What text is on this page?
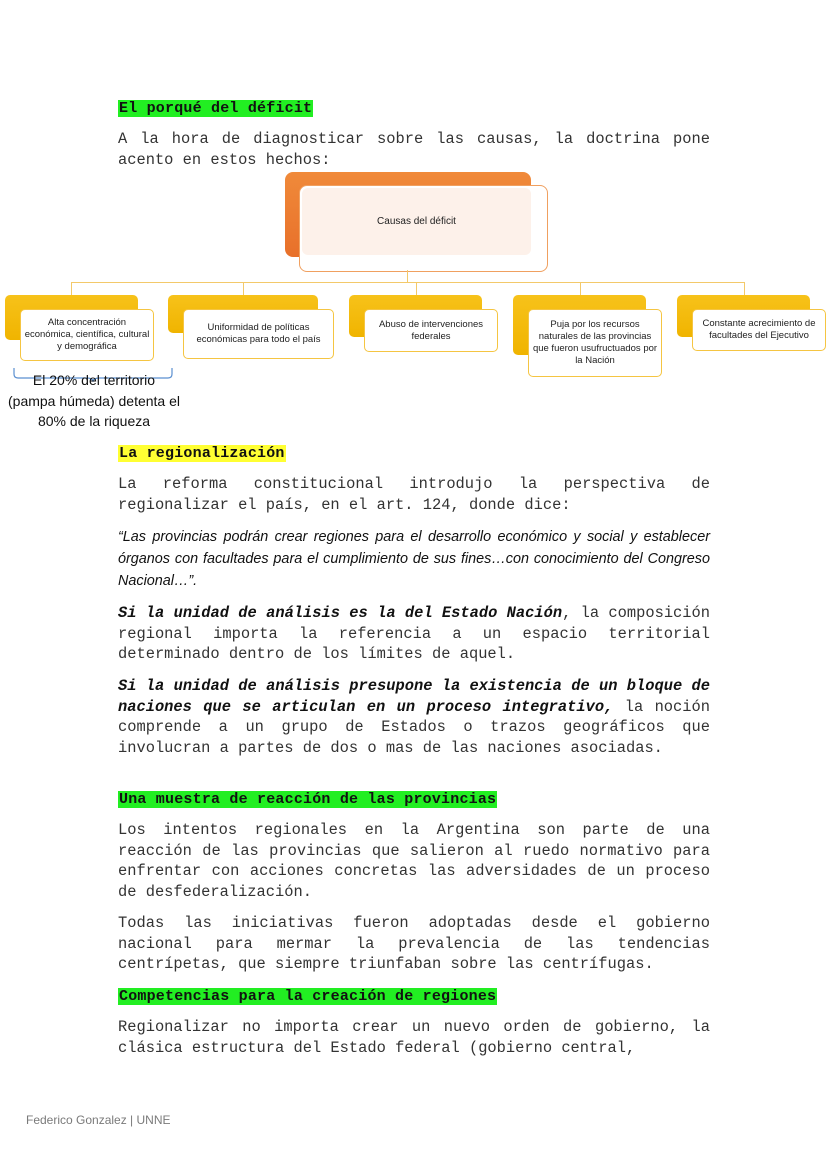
El porqué del déficit

A la hora de diagnosticar sobre las causas, la doctrina pone acento en estos hechos:

Causas del déficit
Alta concentración económica, científica, cultural y demográfica
Uniformidad de políticas económicas para todo el país
Abuso de intervenciones federales
Puja por los recursos naturales de las provincias que fueron usufructuados por la Nación
Constante acrecimiento de facultades del Ejecutivo
El 20% del territorio (pampa húmeda) detenta el 80% de la riqueza
La regionalización

La reforma constitucional introdujo la perspectiva de regionalizar el país, en el art. 124, donde dice:

“Las provincias podrán crear regiones para el desarrollo económico y social y establecer órganos con facultades para el cumplimiento de sus fines…con conocimiento del Congreso Nacional…”.

Si la unidad de análisis es la del Estado Nación, la composición regional importa la referencia a un espacio territorial determinado dentro de los límites de aquel.

Si la unidad de análisis presupone la existencia de un bloque de naciones que se articulan en un proceso integrativo, la noción comprende a un grupo de Estados o trazos geográficos que involucran a partes de dos o mas de las naciones asociadas.

Una muestra de reacción de las provincias

Los intentos regionales en la Argentina son parte de una reacción de las provincias que salieron al ruedo normativo para enfrentar con acciones concretas las adversidades de un proceso de desfederalización.

Todas las iniciativas fueron adoptadas desde el gobierno nacional para mermar la prevalencia de las tendencias centrípetas, que siempre triunfaban sobre las centrífugas.

Competencias para la creación de regiones

Regionalizar no importa crear un nuevo orden de gobierno, la clásica estructura del Estado federal (gobierno central,

Federico Gonzalez | UNNE
